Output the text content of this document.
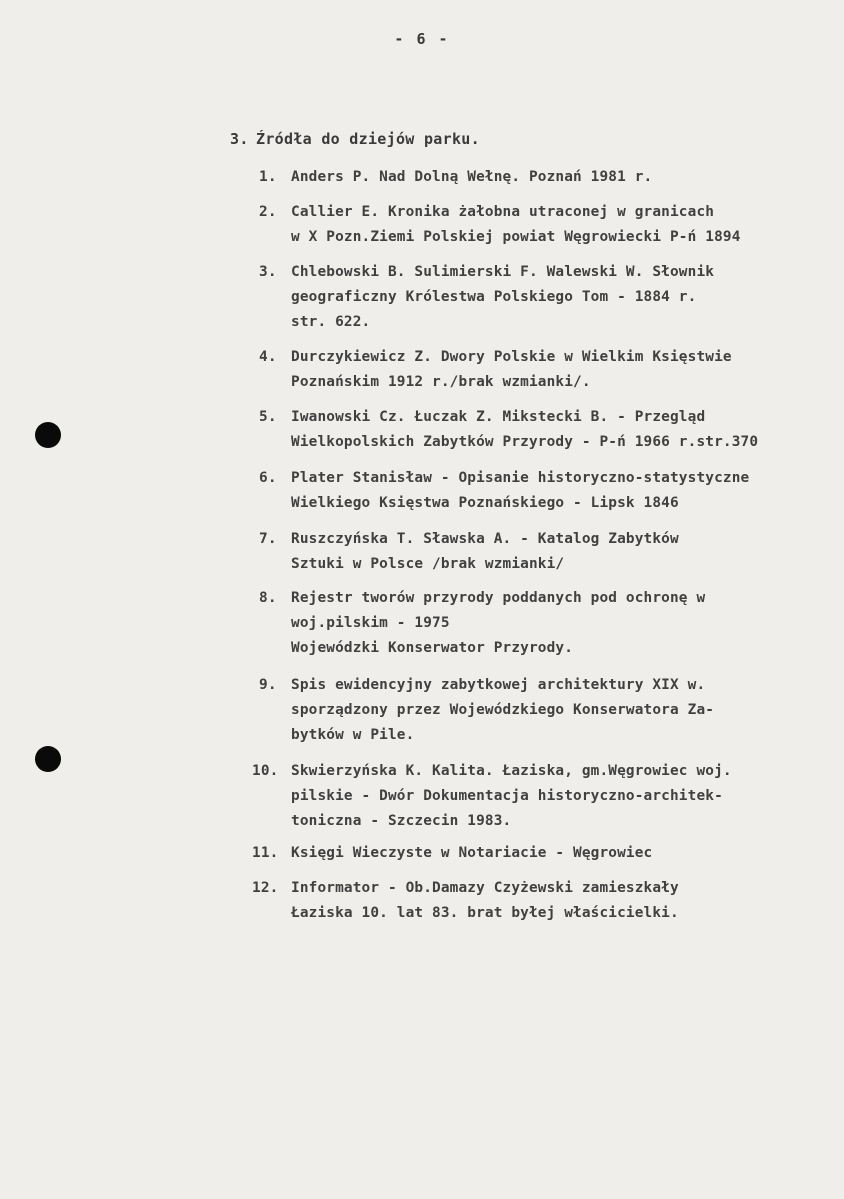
- 6 -
3. Źródła do dziejów parku.
1. Anders P. Nad Dolną Wełnę. Poznań 1981 r.
2. Callier E. Kronika żałobna utraconej w granicach
w X Pozn.Ziemi Polskiej powiat Węgrowiecki P-ń 1894
3. Chlebowski B. Sulimierski F. Walewski W. Słownik
geograficzny Królestwa Polskiego Tom - 1884 r.
str. 622.
4. Durczykiewicz Z. Dwory Polskie w Wielkim Księstwie
Poznańskim 1912 r./brak wzmianki/.
5. Iwanowski Cz. Łuczak Z. Mikstecki B. - Przegląd
Wielkopolskich Zabytków Przyrody - P-ń 1966 r.str.370
6. Plater Stanisław - Opisanie historyczno-statystyczne
Wielkiego Księstwa Poznańskiego - Lipsk 1846
7. Ruszczyńska T. Sławska A. - Katalog Zabytków
Sztuki w Polsce /brak wzmianki/
8. Rejestr tworów przyrody poddanych pod ochronę w
woj.pilskim - 1975
Wojewódzki Konserwator Przyrody.
9. Spis ewidencyjny zabytkowej architektury XIX w.
sporządzony przez Wojewódzkiego Konserwatora Za-
bytków w Pile.
10. Skwierzyńska K. Kalita. Łaziska, gm.Węgrowiec woj.
pilskie - Dwór Dokumentacja historyczno-architek-
toniczna - Szczecin 1983.
11. Księgi Wieczyste w Notariacie - Węgrowiec
12. Informator - Ob.Damazy Czyżewski zamieszkały
Łaziska 10. lat 83. brat byłej właścicielki.
